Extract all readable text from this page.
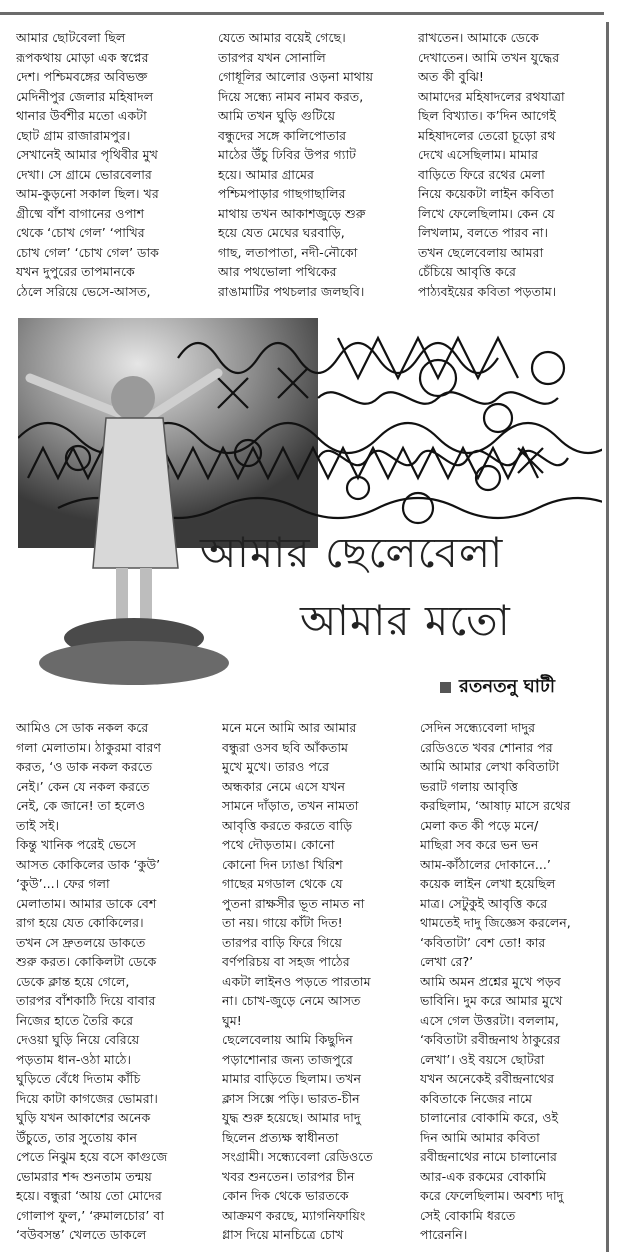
আমার ছোটবেলা ছিল
রূপকথায় মোড়া এক স্বপ্নের
দেশ। পশ্চিমবঙ্গের অবিভক্ত
মেদিনীপুর জেলার মহিষাদল
থানার উর্বশীর মতো একটা
ছোট গ্রাম রাজারামপুর।
সেখানেই আমার পৃথিবীর মুখ
দেখা। সে গ্রামে ভোরবেলার
আম-কুড়নো সকাল ছিল। খর
গ্রীষ্মে বাঁশ বাগানের ওপাশ
থেকে ‘চোখ গেল’ ‘পাখির
চোখ গেল’ ‘চোখ গেল’ ডাক
যখন দুপুরের তাপমানকে
ঠেলে সরিয়ে ভেসে-আসত,
যেতে আমার বয়েই গেছে।
তারপর যখন সোনালি
গোধূলির আলোর ওড়না মাথায়
দিয়ে সন্ধ্যে নামব নামব করত,
আমি তখন ঘুড়ি গুটিয়ে
বন্ধুদের সঙ্গে কালিপোতার
মাঠের উঁচু ঢিবির উপর গ্যাট
হয়ে। আমার গ্রামের
পশ্চিমপাড়ার গাছগাছালির
মাথায় তখন আকাশজুড়ে শুরু
হয়ে যেত মেঘের ঘরবাড়ি,
গাছ, লতাপাতা, নদী-নৌকো
আর পথভোলা পথিকের
রাঙামাটির পথচলার জলছবি।
রাখতেন। আমাকে ডেকে
দেখাতেন। আমি তখন যুদ্ধের
অত কী বুঝি!
আমাদের মহিষাদলের রথযাত্রা
ছিল বিখ্যাত। ক’দিন আগেই
মহিষাদলের তেরো চূড়ো রথ
দেখে এসেছিলাম। মামার
বাড়িতে ফিরে রথের মেলা
নিয়ে কয়েকটা লাইন কবিতা
লিখে ফেলেছিলাম। কেন যে
লিখলাম, বলতে পারব না।
তখন ছেলেবেলায় আমরা
চেঁচিয়ে আবৃত্তি করে
পাঠ্যবইয়ের কবিতা পড়তাম।
আমার ছেলেবেলা
আমার মতো
রতনতনু ঘাটী
আমিও সে ডাক নকল করে
গলা মেলাতাম। ঠাকুরমা বারণ
করত, ‘ও ডাক নকল করতে
নেই।’ কেন যে নকল করতে
নেই, কে জানে! তা হলেও
তাই সই।
কিন্তু খানিক পরেই ভেসে
আসত কোকিলের ডাক ‘কুউ’
‘কুউ’...। ফের গলা
মেলাতাম। আমার ডাকে বেশ
রাগ হয়ে যেত কোকিলের।
তখন সে দ্রুতলয়ে ডাকতে
শুরু করত। কোকিলটা ডেকে
ডেকে ক্লান্ত হয়ে গেলে,
তারপর বাঁশকাঠি দিয়ে বাবার
নিজের হাতে তৈরি করে
দেওয়া ঘুড়ি নিয়ে বেরিয়ে
পড়তাম ধান-ওঠা মাঠে।
ঘুড়িতে বেঁধে দিতাম কাঁচি
দিয়ে কাটা কাগজের ভোমরা।
ঘুড়ি যখন আকাশের অনেক
উঁচুতে, তার সুতোয় কান
পেতে নিঝুম হয়ে বসে কাগুজে
ভোমরার শব্দ শুনতাম তন্ময়
হয়ে। বন্ধুরা ‘আয় তো মোদের
গোলাপ ফুল,’ ‘রুমালচোর’ বা
‘বউবসন্ত’ খেলতে ডাকলে
মনে মনে আমি আর আমার
বন্ধুরা ওসব ছবি আঁকতাম
মুখে মুখে। তারও পরে
অন্ধকার নেমে এসে যখন
সামনে দাঁড়াত, তখন নামতা
আবৃত্তি করতে করতে বাড়ি
পথে দৌড়তাম। কোনো
কোনো দিন ঢ্যাঙা খিরিশ
গাছের মগডাল থেকে যে
পুতনা রাক্ষসীর ভূত নামত না
তা নয়। গায়ে কাঁটা দিত!
তারপর বাড়ি ফিরে গিয়ে
বর্ণপরিচয় বা সহজ পাঠের
একটা লাইনও পড়তে পারতাম
না। চোখ-জুড়ে নেমে আসত
ঘুম!
ছেলেবেলায় আমি কিছুদিন
পড়াশোনার জন্য তাজপুরে
মামার বাড়িতে ছিলাম। তখন
ক্লাস সিক্সে পড়ি। ভারত-চীন
যুদ্ধ শুরু হয়েছে। আমার দাদু
ছিলেন প্রত্যক্ষ স্বাধীনতা
সংগ্রামী। সন্ধ্যেবেলা রেডিওতে
খবর শুনতেন। তারপর চীন
কোন দিক থেকে ভারতকে
আক্রমণ করছে, ম্যাগনিফায়িং
গ্লাস দিয়ে মানচিত্রে চোখ
সেদিন সন্ধ্যেবেলা দাদুর
রেডিওতে খবর শোনার পর
আমি আমার লেখা কবিতাটা
ভরাট গলায় আবৃত্তি
করছিলাম, ‘আষাঢ় মাসে রথের
মেলা কত কী পড়ে মনে/
মাছিরা সব করে ভন ভন
আম-কাঁঠালের দোকানে...’
কয়েক লাইন লেখা হয়েছিল
মাত্র। সেটুকুই আবৃত্তি করে
থামতেই দাদু জিজ্ঞেস করলেন,
‘কবিতাটা’ বেশ তো! কার
লেখা রে?’
আমি অমন প্রশ্নের মুখে পড়ব
ভাবিনি। দুম করে আমার মুখে
এসে গেল উত্তরটা। বললাম,
‘কবিতাটা রবীন্দ্রনাথ ঠাকুরের
লেখা’। ওই বয়সে ছোটরা
যখন অনেকেই রবীন্দ্রনাথের
কবিতাকে নিজের নামে
চালানোর বোকামি করে, ওই
দিন আমি আমার কবিতা
রবীন্দ্রনাথের নামে চালানোর
আর-এক রকমের বোকামি
করে ফেলেছিলাম। অবশ্য দাদু
সেই বোকামি ধরতে
পারেননি।
